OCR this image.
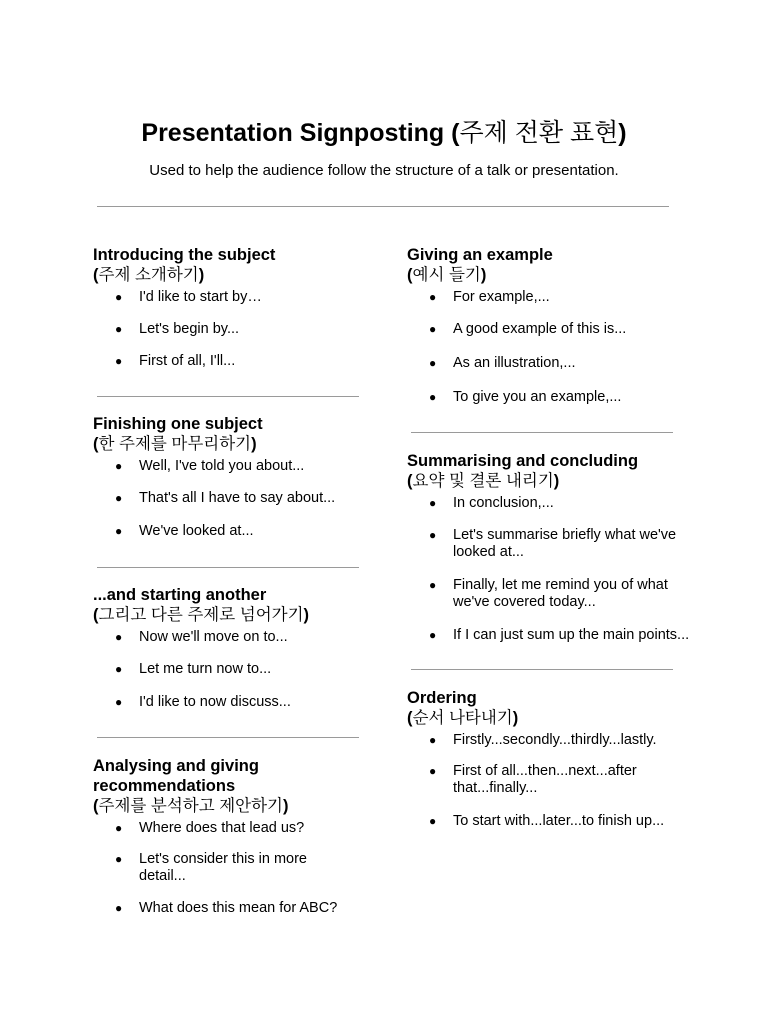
Presentation Signposting (주제 전환 표현)

Used to help the audience follow the structure of a talk or presentation.

Introducing the subject

(주제 소개하기)

● I'd like to start by…
● Let's begin by...
● First of all, I'll...

Finishing one subject

(한 주제를 마무리하기)

● Well, I've told you about...
● That's all I have to say about...
● We've looked at...

...and starting another

(그리고 다른 주제로 넘어가기)

● Now we'll move on to...
● Let me turn now to...
● I'd like to now discuss...

Analysing and giving recommendations

(주제를 분석하고 제안하기)

● Where does that lead us?
● Let's consider this in more detail...
● What does this mean for ABC?

Giving an example

(예시 들기)

● For example,...
● A good example of this is...
● As an illustration,...
● To give you an example,...

Summarising and concluding

(요약 및 결론 내리기)

● In conclusion,...
● Let's summarise briefly what we've looked at...
● Finally, let me remind you of what we've covered today...
● If I can just sum up the main points...

Ordering

(순서 나타내기)

● Firstly...secondly...thirdly...lastly.
● First of all...then...next...after that...finally...
● To start with...later...to finish up...
